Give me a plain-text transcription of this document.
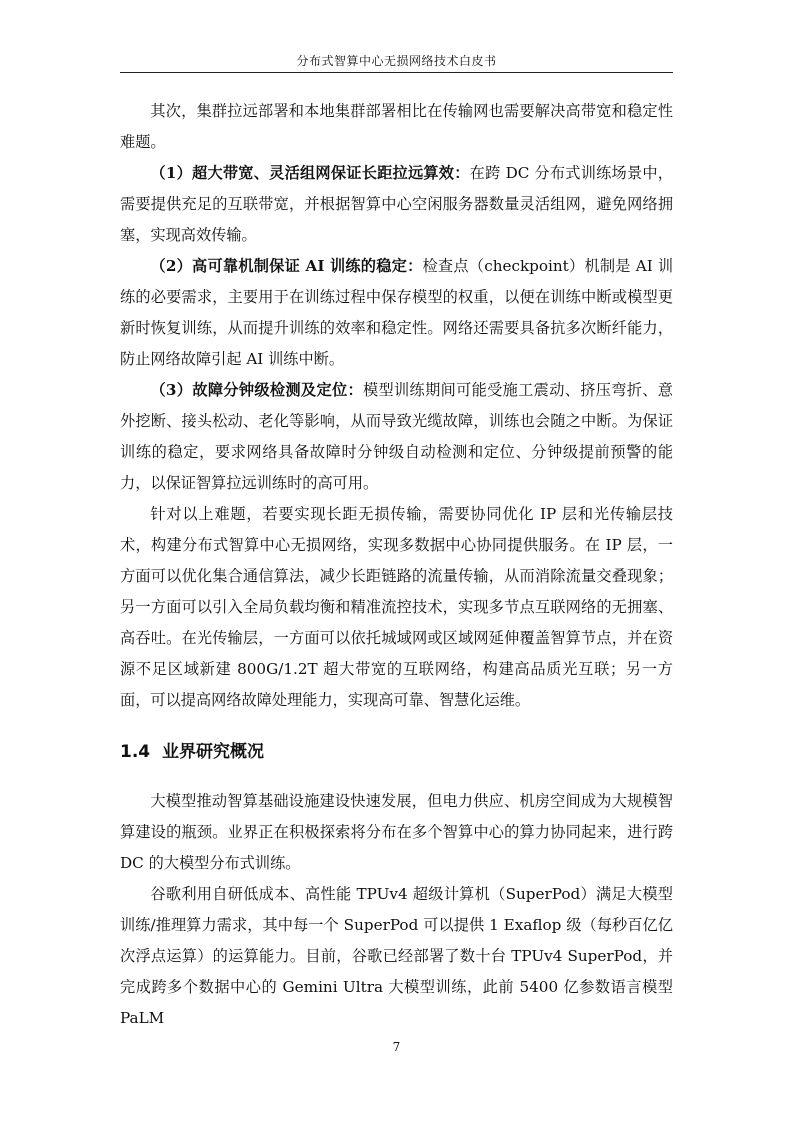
分布式智算中心无损网络技术白皮书

其次，集群拉远部署和本地集群部署相比在传输网也需要解决高带宽和稳定性难题。

（1）超大带宽、灵活组网保证长距拉远算效：在跨 DC 分布式训练场景中，需要提供充足的互联带宽，并根据智算中心空闲服务器数量灵活组网，避免网络拥塞，实现高效传输。

（2）高可靠机制保证 AI 训练的稳定：检查点（checkpoint）机制是 AI 训练的必要需求，主要用于在训练过程中保存模型的权重，以便在训练中断或模型更新时恢复训练，从而提升训练的效率和稳定性。网络还需要具备抗多次断纤能力，防止网络故障引起 AI 训练中断。

（3）故障分钟级检测及定位：模型训练期间可能受施工震动、挤压弯折、意外挖断、接头松动、老化等影响，从而导致光缆故障，训练也会随之中断。为保证训练的稳定，要求网络具备故障时分钟级自动检测和定位、分钟级提前预警的能力，以保证智算拉远训练时的高可用。

针对以上难题，若要实现长距无损传输，需要协同优化 IP 层和光传输层技术，构建分布式智算中心无损网络，实现多数据中心协同提供服务。在 IP 层，一方面可以优化集合通信算法，减少长距链路的流量传输，从而消除流量交叠现象；另一方面可以引入全局负载均衡和精准流控技术，实现多节点互联网络的无拥塞、高吞吐。在光传输层，一方面可以依托城域网或区域网延伸覆盖智算节点，并在资源不足区域新建 800G/1.2T 超大带宽的互联网络，构建高品质光互联；另一方面，可以提高网络故障处理能力，实现高可靠、智慧化运维。

1.4 业界研究概况

大模型推动智算基础设施建设快速发展，但电力供应、机房空间成为大规模智算建设的瓶颈。业界正在积极探索将分布在多个智算中心的算力协同起来，进行跨 DC 的大模型分布式训练。

谷歌利用自研低成本、高性能 TPUv4 超级计算机（SuperPod）满足大模型训练/推理算力需求，其中每一个 SuperPod 可以提供 1 Exaflop 级（每秒百亿亿次浮点运算）的运算能力。目前，谷歌已经部署了数十台 TPUv4 SuperPod，并完成跨多个数据中心的 Gemini Ultra 大模型训练，此前 5400 亿参数语言模型 PaLM

7
